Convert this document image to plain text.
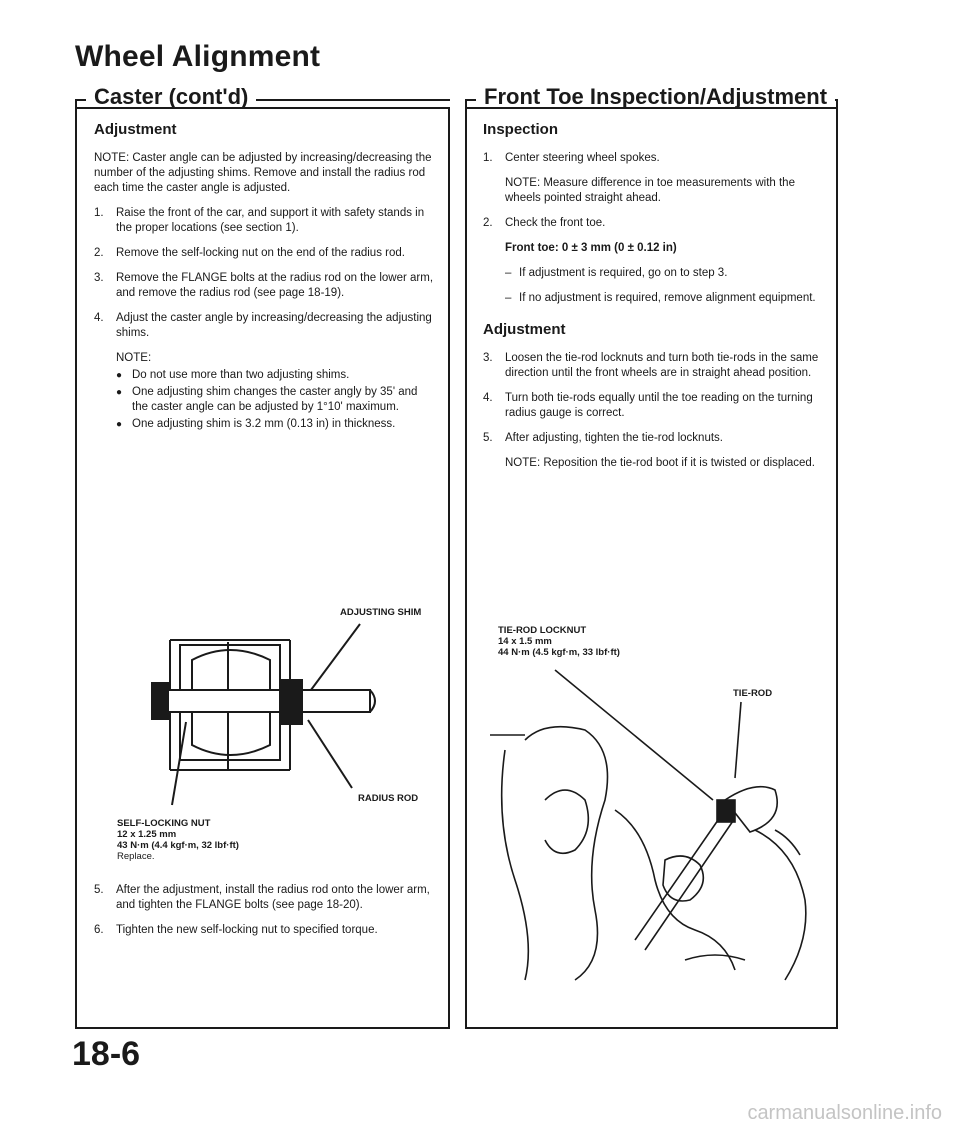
Wheel Alignment
Caster (cont'd)	Front Toe Inspection/Adjustment
Adjustment
NOTE: Caster angle can be adjusted by increasing/decreasing the number of the adjusting shims. Remove and install the radius rod each time the caster angle is adjusted.
1.	Raise the front of the car, and support it with safety stands in the proper locations (see section 1).
2.	Remove the self-locking nut on the end of the radius rod.
3.	Remove the FLANGE bolts at the radius rod on the lower arm, and remove the radius rod (see page 18-19).
4.	Adjust the caster angle by increasing/decreasing the adjusting shims.
NOTE:
● Do not use more than two adjusting shims.
● One adjusting shim changes the caster angly by 35' and the caster angle can be adjusted by 1°10' maximum.
● One adjusting shim is 3.2 mm (0.13 in) in thickness.
ADJUSTING SHIM
RADIUS ROD
SELF-LOCKING NUT
12 x 1.25 mm
43 N·m (4.4 kgf·m, 32 lbf·ft)
Replace.
5.	After the adjustment, install the radius rod onto the lower arm, and tighten the FLANGE bolts (see page 18-20).
6.	Tighten the new self-locking nut to specified torque.
Inspection
1.	Center steering wheel spokes.
NOTE: Measure difference in toe measurements with the wheels pointed straight ahead.
2.	Check the front toe.
Front toe: 0 ± 3 mm (0 ± 0.12 in)
– If adjustment is required, go on to step 3.
– If no adjustment is required, remove alignment equipment.
Adjustment
3.	Loosen the tie-rod locknuts and turn both tie-rods in the same direction until the front wheels are in straight ahead position.
4.	Turn both tie-rods equally until the toe reading on the turning radius gauge is correct.
5.	After adjusting, tighten the tie-rod locknuts.
NOTE: Reposition the tie-rod boot if it is twisted or displaced.
TIE-ROD LOCKNUT
14 x 1.5 mm
44 N·m (4.5 kgf·m, 33 lbf·ft)
TIE-ROD
18-6
carmanualsonline.info
